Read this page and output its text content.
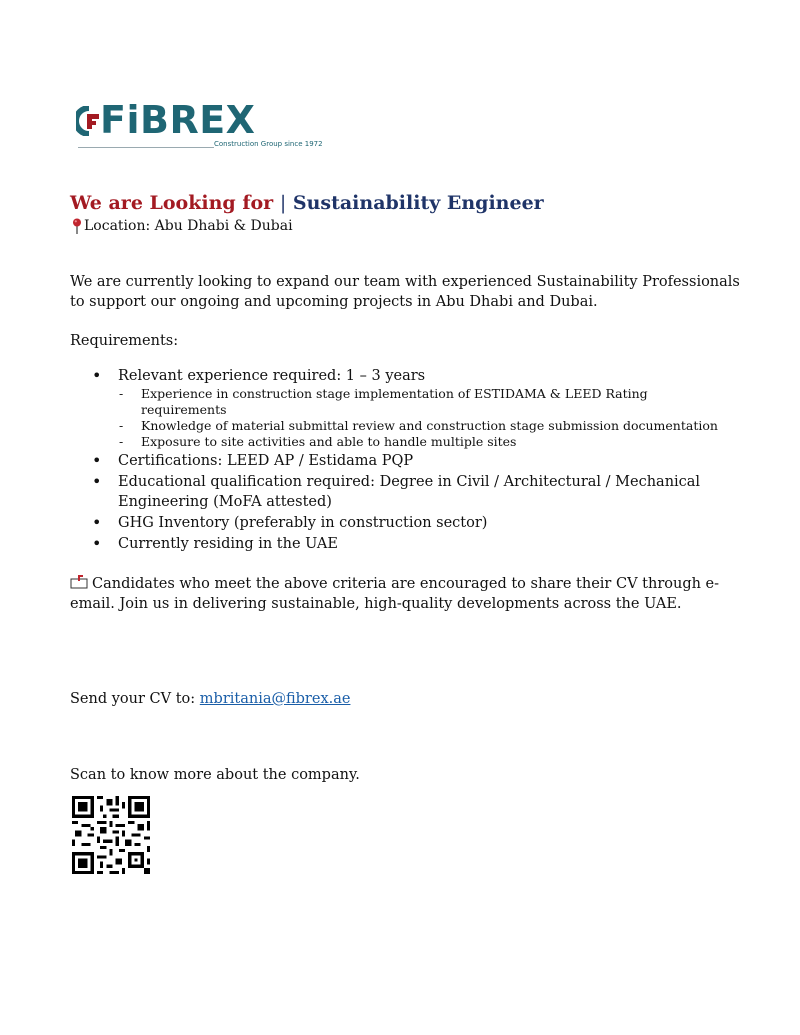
FiBREX
Construction Group since 1972
We are Looking for | Sustainability Engineer
Location: Abu Dhabi & Dubai
We are currently looking to expand our team with experienced Sustainability Professionals to support our ongoing and upcoming projects in Abu Dhabi and Dubai.
Requirements:
• Relevant experience required: 1 – 3 years
- Experience in construction stage implementation of ESTIDAMA & LEED Rating requirements
- Knowledge of material submittal review and construction stage submission documentation
- Exposure to site activities and able to handle multiple sites
• Certifications: LEED AP / Estidama PQP
• Educational qualification required: Degree in Civil / Architectural / Mechanical Engineering (MoFA attested)
• GHG Inventory (preferably in construction sector)
• Currently residing in the UAE
Candidates who meet the above criteria are encouraged to share their CV through e-email. Join us in delivering sustainable, high-quality developments across the UAE.
Send your CV to: mbritania@fibrex.ae
Scan to know more about the company.
